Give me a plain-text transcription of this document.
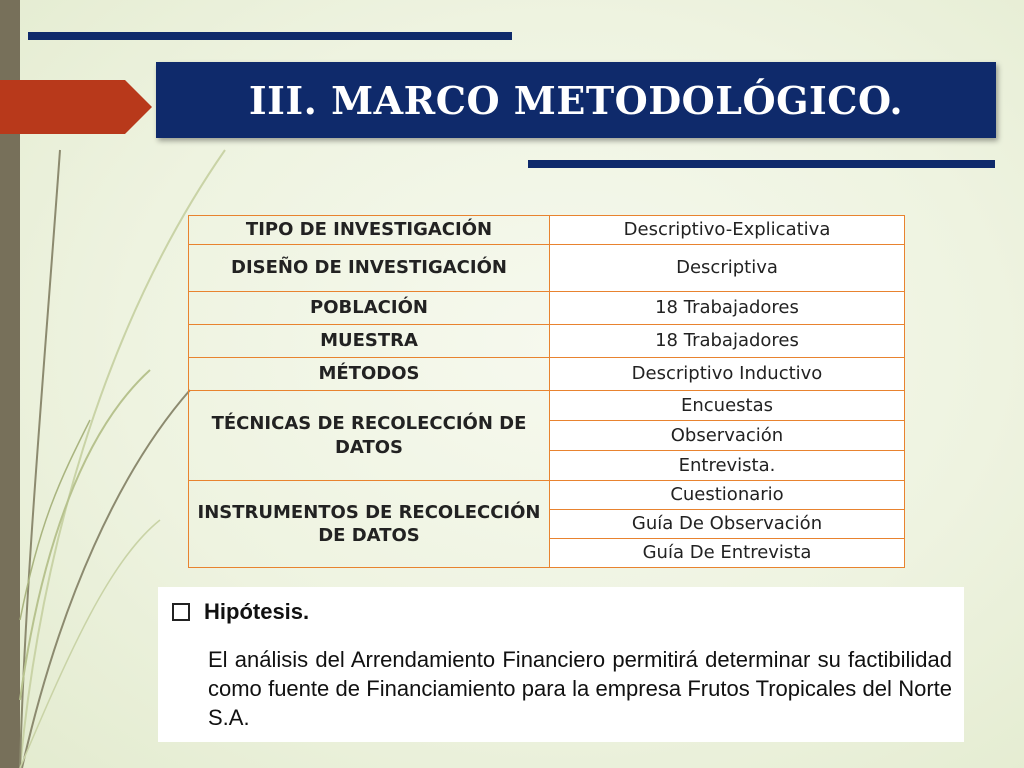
III. MARCO METODOLÓGICO.
TIPO DE INVESTIGACIÓN	Descriptivo-Explicativa
DISEÑO DE INVESTIGACIÓN	Descriptiva
POBLACIÓN	18 Trabajadores
MUESTRA	18 Trabajadores
MÉTODOS	Descriptivo Inductivo
TÉCNICAS DE RECOLECCIÓN DE DATOS	Encuestas
	Observación
	Entrevista.
INSTRUMENTOS DE RECOLECCIÓN DE DATOS	Cuestionario
	Guía De Observación
	Guía De Entrevista
Hipótesis.
El análisis del Arrendamiento Financiero permitirá determinar su factibilidad como fuente de Financiamiento para la empresa Frutos Tropicales del Norte S.A.
